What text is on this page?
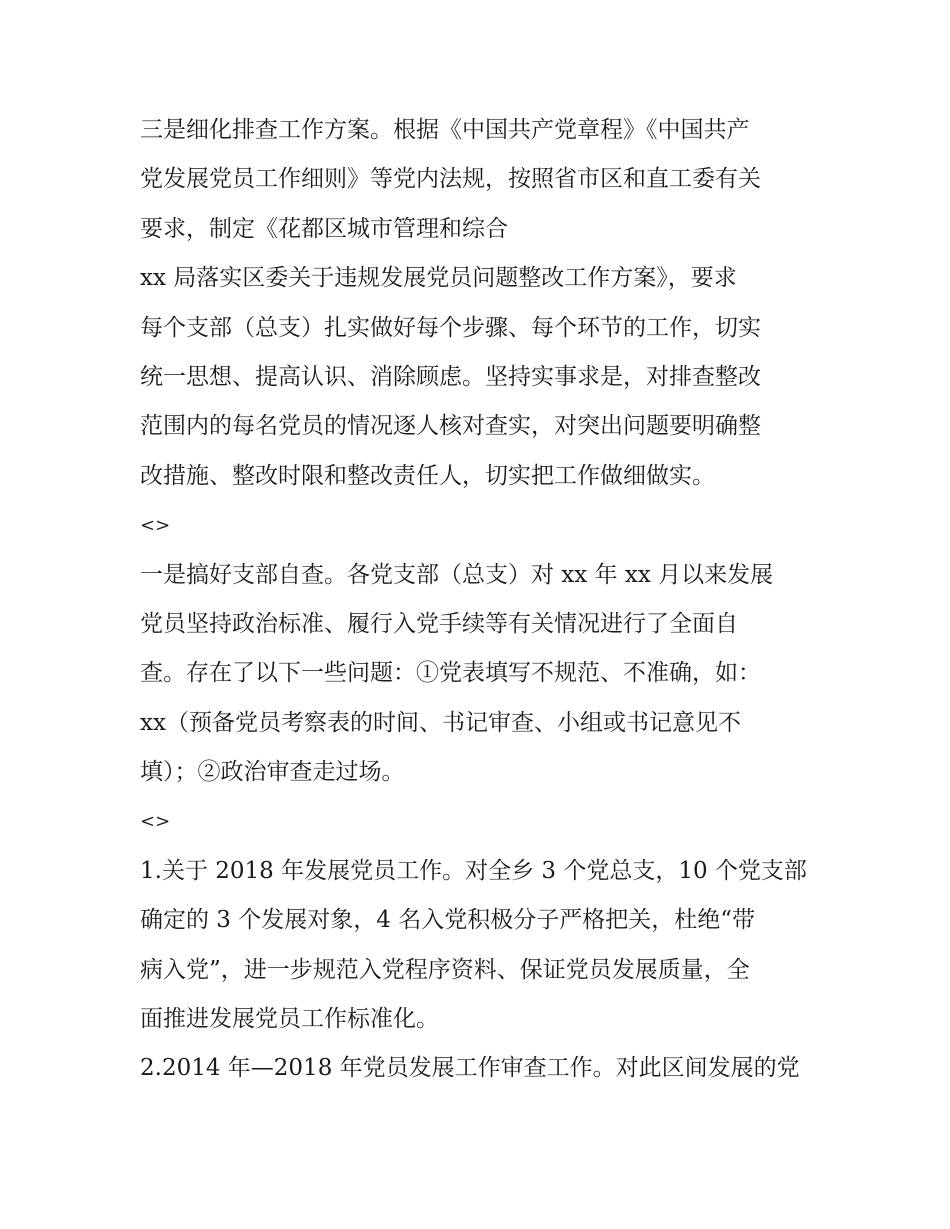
三是细化排查工作方案。根据《中国共产党章程》《中国共产
党发展党员工作细则》等党内法规，按照省市区和直工委有关
要求，制定《花都区城市管理和综合
xx 局落实区委关于违规发展党员问题整改工作方案》，要求
每个支部（总支）扎实做好每个步骤、每个环节的工作，切实
统一思想、提高认识、消除顾虑。坚持实事求是，对排查整改
范围内的每名党员的情况逐人核对查实，对突出问题要明确整
改措施、整改时限和整改责任人，切实把工作做细做实。
<>
一是搞好支部自查。各党支部（总支）对 xx 年 xx 月以来发展
党员坚持政治标准、履行入党手续等有关情况进行了全面自
查。存在了以下一些问题：①党表填写不规范、不准确，如：
xx（预备党员考察表的时间、书记审查、小组或书记意见不
填）；②政治审查走过场。
<>
1.关于 2018 年发展党员工作。对全乡 3 个党总支，10 个党支部
确定的 3 个发展对象，4 名入党积极分子严格把关，杜绝“带
病入党”，进一步规范入党程序资料、保证党员发展质量，全
面推进发展党员工作标准化。
2.2014 年—2018 年党员发展工作审查工作。对此区间发展的党
